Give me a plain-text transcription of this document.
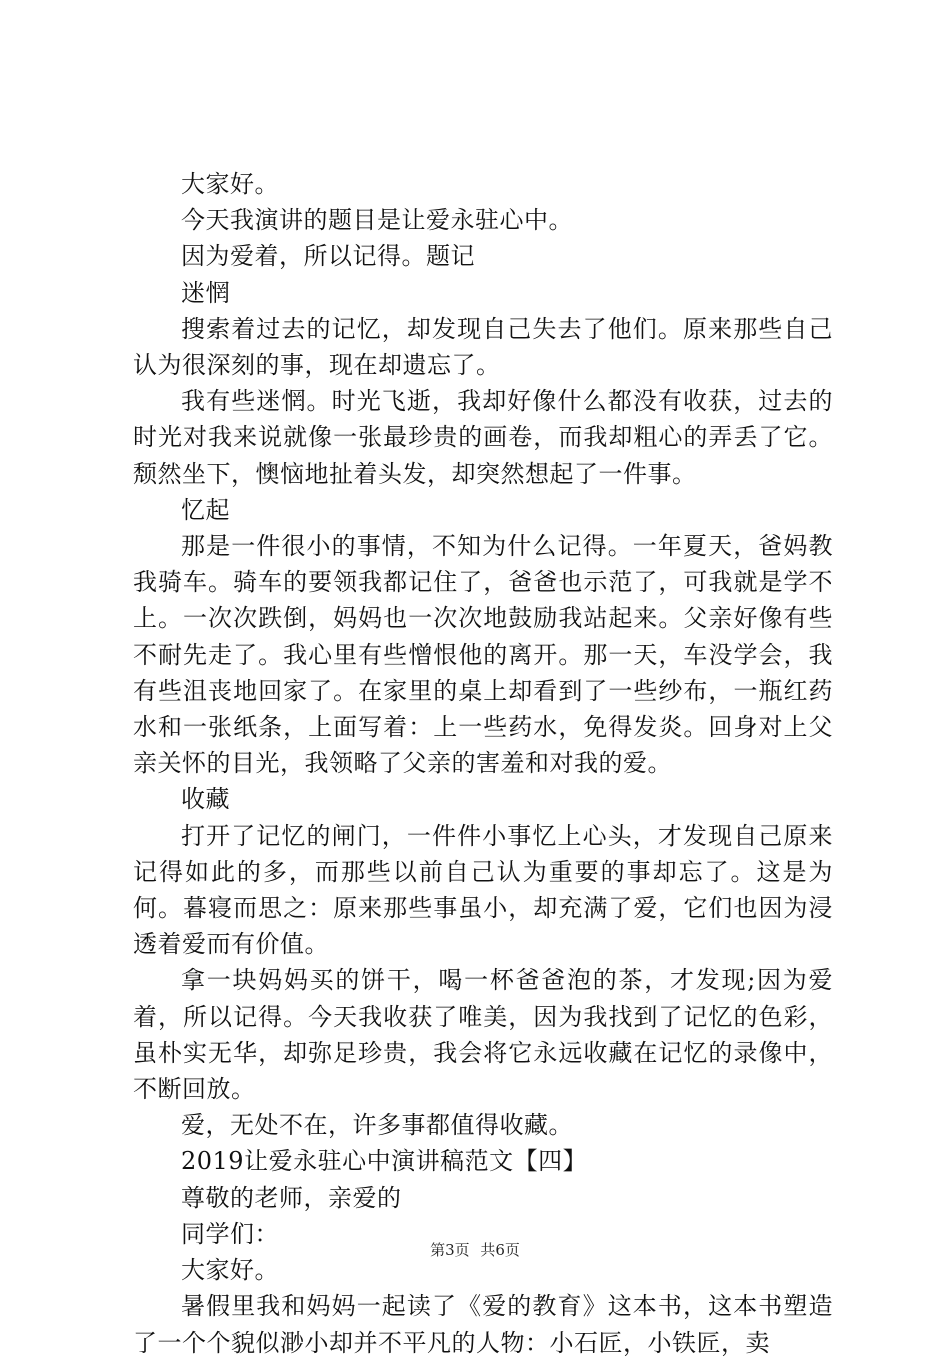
大家好。

今天我演讲的题目是让爱永驻心中。

因为爱着，所以记得。题记

迷惘

搜索着过去的记忆，却发现自己失去了他们。原来那些自己认为很深刻的事，现在却遗忘了。

我有些迷惘。时光飞逝，我却好像什么都没有收获，过去的时光对我来说就像一张最珍贵的画卷，而我却粗心的弄丢了它。颓然坐下，懊恼地扯着头发，却突然想起了一件事。

忆起

那是一件很小的事情，不知为什么记得。一年夏天，爸妈教我骑车。骑车的要领我都记住了，爸爸也示范了，可我就是学不上。一次次跌倒，妈妈也一次次地鼓励我站起来。父亲好像有些不耐先走了。我心里有些憎恨他的离开。那一天，车没学会，我有些沮丧地回家了。在家里的桌上却看到了一些纱布，一瓶红药水和一张纸条，上面写着：上一些药水，免得发炎。回身对上父亲关怀的目光，我领略了父亲的害羞和对我的爱。

收藏

打开了记忆的闸门，一件件小事忆上心头，才发现自己原来记得如此的多，而那些以前自己认为重要的事却忘了。这是为何。暮寝而思之：原来那些事虽小，却充满了爱，它们也因为浸透着爱而有价值。

拿一块妈妈买的饼干，喝一杯爸爸泡的茶，才发现;因为爱着，所以记得。今天我收获了唯美，因为我找到了记忆的色彩，虽朴实无华，却弥足珍贵，我会将它永远收藏在记忆的录像中，不断回放。

爱，无处不在，许多事都值得收藏。

2019让爱永驻心中演讲稿范文【四】

尊敬的老师，亲爱的

同学们：

大家好。

暑假里我和妈妈一起读了《爱的教育》这本书，这本书塑造了一个个貌似渺小却并不平凡的人物：小石匠，小铁匠，卖

第3页 共6页
